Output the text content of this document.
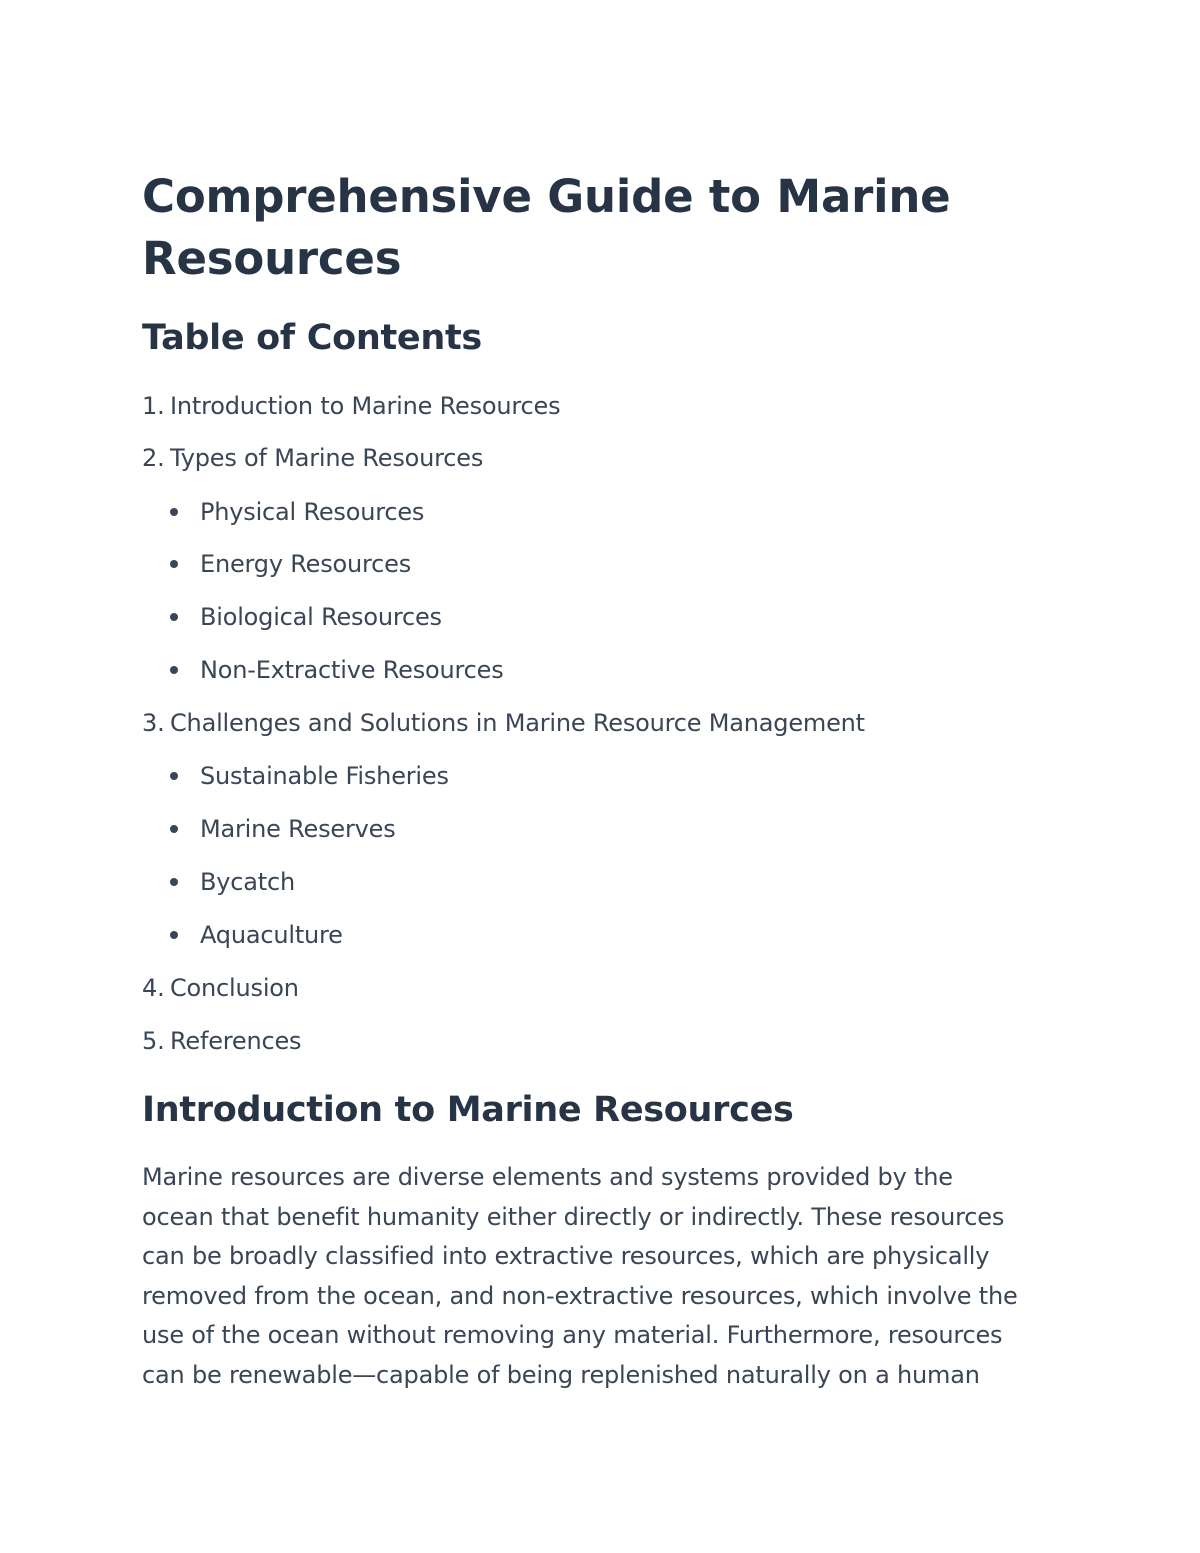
Comprehensive Guide to Marine Resources
Table of Contents
1. Introduction to Marine Resources
2. Types of Marine Resources
Physical Resources
Energy Resources
Biological Resources
Non-Extractive Resources
3. Challenges and Solutions in Marine Resource Management
Sustainable Fisheries
Marine Reserves
Bycatch
Aquaculture
4. Conclusion
5. References
Introduction to Marine Resources
Marine resources are diverse elements and systems provided by the
ocean that benefit humanity either directly or indirectly. These resources
can be broadly classified into extractive resources, which are physically
removed from the ocean, and non-extractive resources, which involve the
use of the ocean without removing any material. Furthermore, resources
can be renewable—capable of being replenished naturally on a human
